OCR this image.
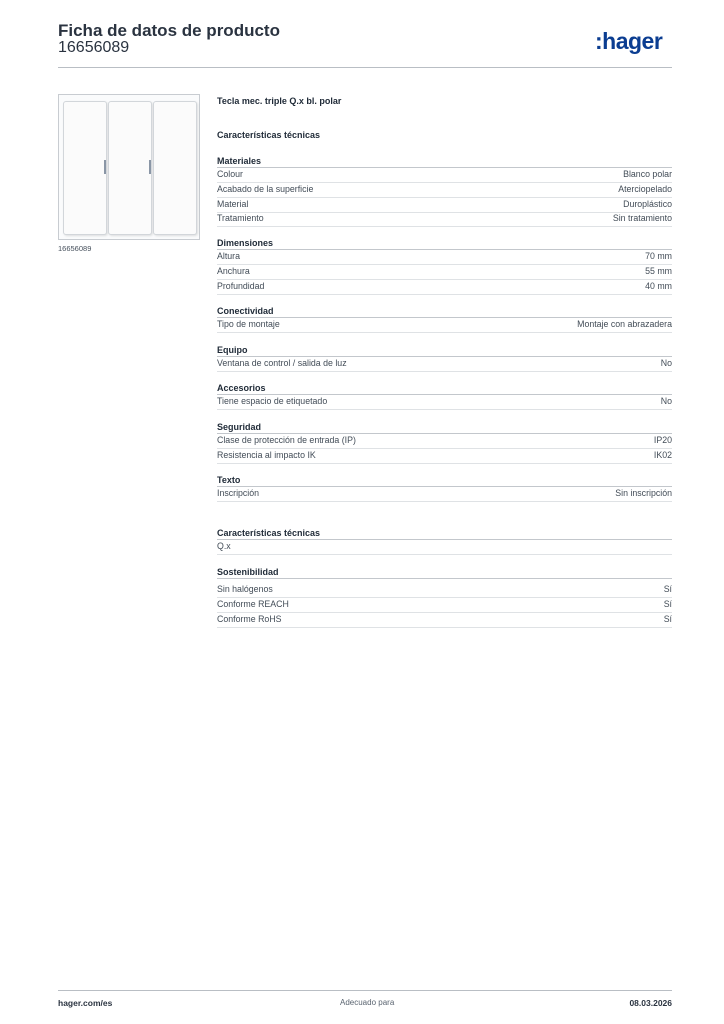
Ficha de datos de producto
16656089	:hager
16656089
Tecla mec. triple Q.x bl. polar
Características técnicas
Materiales
Colour	Blanco polar
Acabado de la superficie	Aterciopelado
Material	Duroplástico
Tratamiento	Sin tratamiento
Dimensiones
Altura	70 mm
Anchura	55 mm
Profundidad	40 mm
Conectividad
Tipo de montaje	Montaje con abrazadera
Equipo
Ventana de control / salida de luz	No
Accesorios
Tiene espacio de etiquetado	No
Seguridad
Clase de protección de entrada (IP)	IP20
Resistencia al impacto IK	IK02
Texto
Inscripción	Sin inscripción
Características técnicas
Q.x
Sostenibilidad
Sin halógenos	Sí
Conforme REACH	Sí
Conforme RoHS	Sí
hager.com/es	Adecuado para	08.03.2026
